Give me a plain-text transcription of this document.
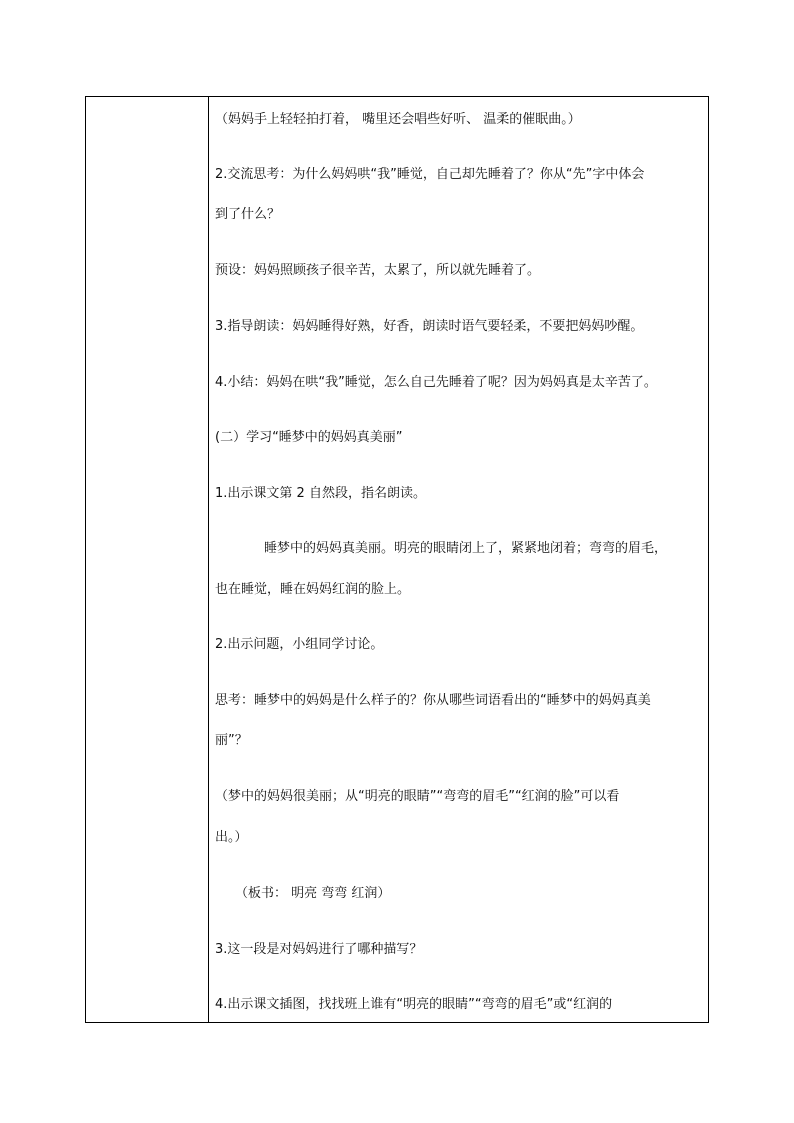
（妈妈手上轻轻拍打着， 嘴里还会唱些好听、 温柔的催眠曲。）

2.交流思考：为什么妈妈哄“我”睡觉，自己却先睡着了？你从“先”字中体会

到了什么？

预设：妈妈照顾孩子很辛苦，太累了，所以就先睡着了。

3.指导朗读：妈妈睡得好熟，好香，朗读时语气要轻柔，不要把妈妈吵醒。

4.小结：妈妈在哄“我”睡觉，怎么自己先睡着了呢？因为妈妈真是太辛苦了。

(二）学习“睡梦中的妈妈真美丽”

1.出示课文第 2 自然段，指名朗读。

睡梦中的妈妈真美丽。明亮的眼睛闭上了，紧紧地闭着；弯弯的眉毛，

也在睡觉，睡在妈妈红润的脸上。

2.出示问题，小组同学讨论。

思考：睡梦中的妈妈是什么样子的？你从哪些词语看出的“睡梦中的妈妈真美

丽”？

（梦中的妈妈很美丽；从“明亮的眼睛”“弯弯的眉毛”“红润的脸”可以看

出。）

（板书： 明亮 弯弯 红润）

3.这一段是对妈妈进行了哪种描写？

4.出示课文插图，找找班上谁有“明亮的眼睛”“弯弯的眉毛”或“红润的
